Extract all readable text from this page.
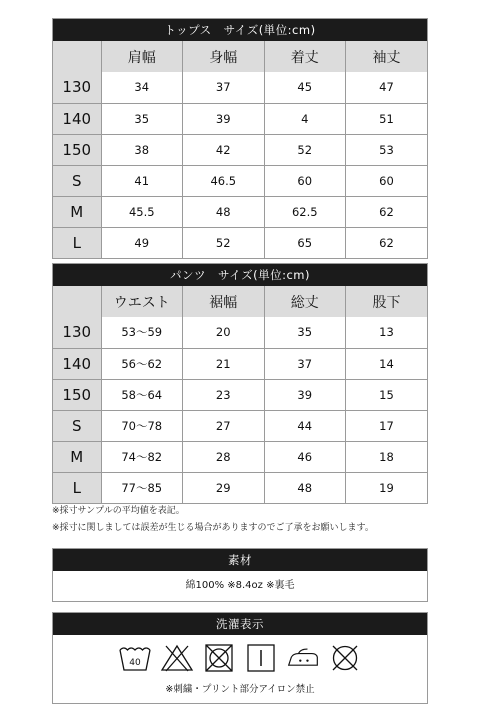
トップス　サイズ(単位:cm)
	肩幅	身幅	着丈	袖丈
130	34	37	45	47
140	35	39	4	51
150	38	42	52	53
S	41	46.5	60	60
M	45.5	48	62.5	62
L	49	52	65	62
パンツ　サイズ(単位:cm)
	ウエスト	裾幅	総丈	股下
130	53～59	20	35	13
140	56～62	21	37	14
150	58～64	23	39	15
S	70～78	27	44	17
M	74～82	28	46	18
L	77～85	29	48	19
※採寸サンプルの平均値を表記。
※採寸に関しましては誤差が生じる場合がありますのでご了承をお願いします。
素材
綿100% ※8.4oz ※裏毛
洗濯表示
40
※刺繍・プリント部分アイロン禁止
